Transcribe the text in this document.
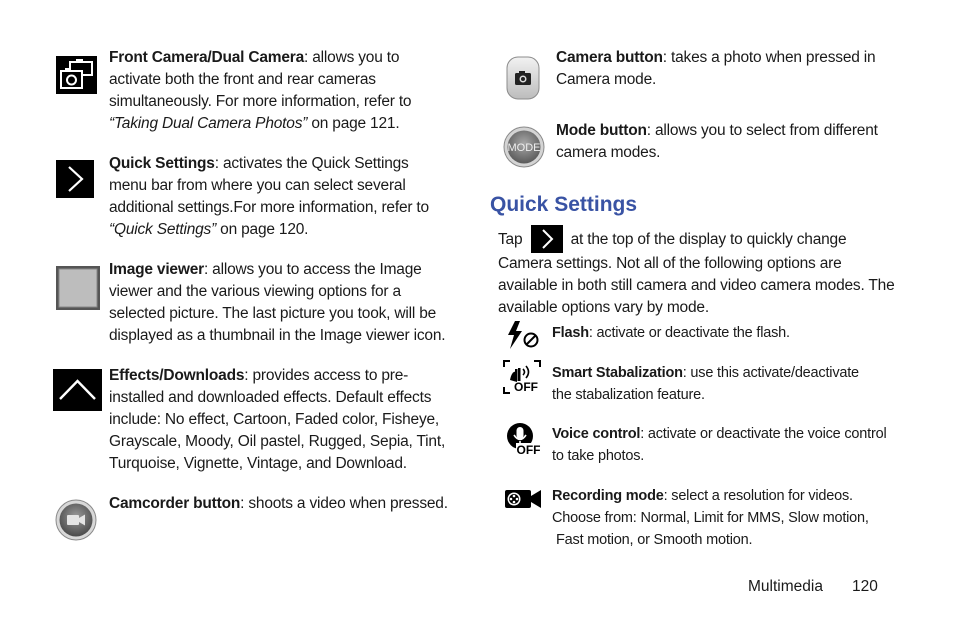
Front Camera/Dual Camera: allows you to activate both the front and rear cameras simultaneously. For more information, refer to “Taking Dual Camera Photos” on page 121.
Quick Settings: activates the Quick Settings menu bar from where you can select several additional settings.For more information, refer to “Quick Settings” on page 120.
Image viewer: allows you to access the Image viewer and the various viewing options for a selected picture. The last picture you took, will be displayed as a thumbnail in the Image viewer icon.
Effects/Downloads: provides access to pre-installed and downloaded effects. Default effects include: No effect, Cartoon, Faded color, Fisheye, Grayscale, Moody, Oil pastel, Rugged, Sepia, Tint, Turquoise, Vignette, Vintage, and Download.
Camcorder button: shoots a video when pressed.
Camera button: takes a photo when pressed in Camera mode.
MODE
Mode button: allows you to select from different camera modes.
Quick Settings
Tap	at the top of the display to quickly change Camera settings. Not all of the following options are available in both still camera and video camera modes. The available options vary by mode.
Flash: activate or deactivate the flash.
OFF
Smart Stabalization: use this activate/deactivate the stabalization feature.
OFF
Voice control: activate or deactivate the voice control to take photos.
Recording mode: select a resolution for videos. Choose from: Normal, Limit for MMS, Slow motion,
Fast motion, or Smooth motion.
Multimedia 120
